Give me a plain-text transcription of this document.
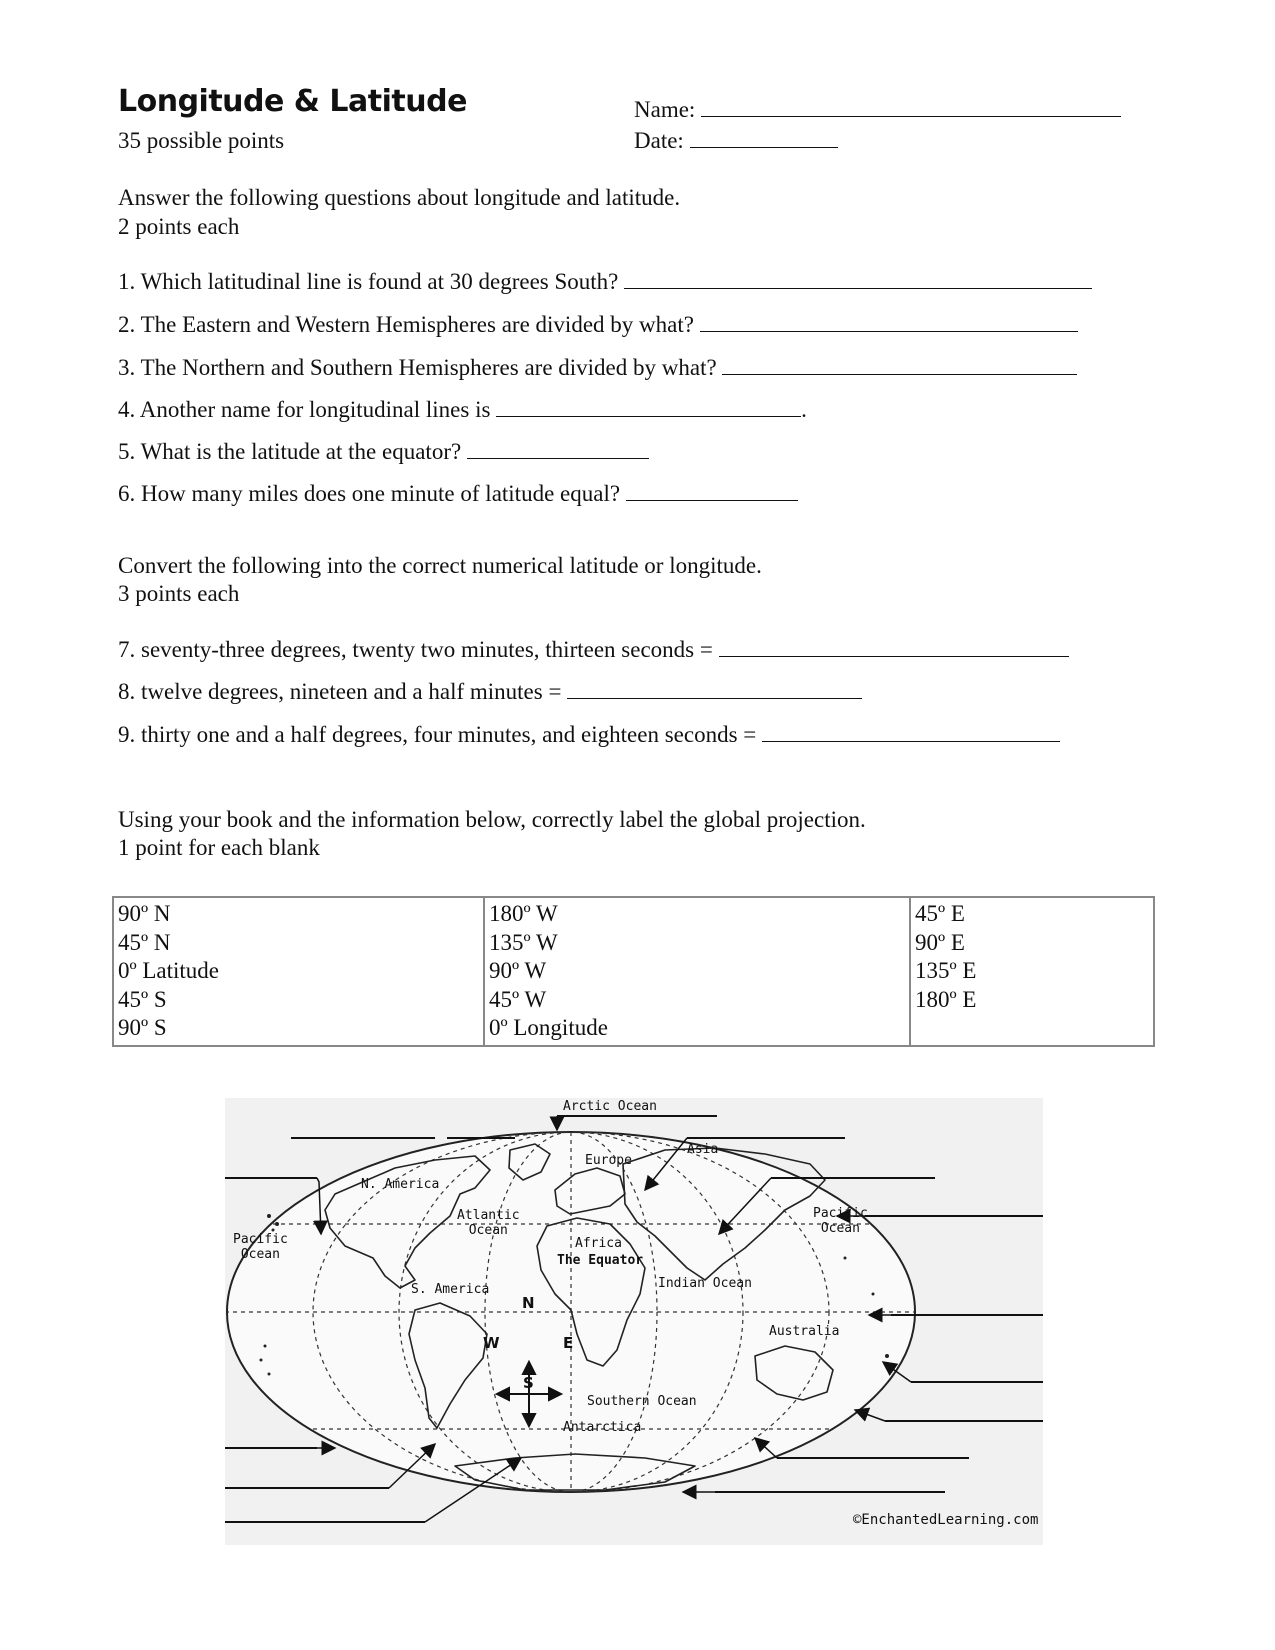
Longitude & Latitude
35 possible points
Name:
Date:
Answer the following questions about longitude and latitude.
2 points each
1. Which latitudinal line is found at 30 degrees South?
2. The Eastern and Western Hemispheres are divided by what?
3. The Northern and Southern Hemispheres are divided by what?
4. Another name for longitudinal lines is	.
5. What is the latitude at the equator?
6. How many miles does one minute of latitude equal?
Convert the following into the correct numerical latitude or longitude.
3 points each
7. seventy-three degrees, twenty two minutes, thirteen seconds =
8. twelve degrees, nineteen and a half minutes =
9. thirty one and a half degrees, four minutes, and eighteen seconds =
Using your book and the information below, correctly label the global projection.
1 point for each blank
90º N
45º N
0º Latitude
45º S
90º S

180º W
135º W
90º W
45º W
0º Longitude

45º E
90º E
135º E
180º E
Arctic Ocean
Europe
Asia
N. America
Atlantic
Ocean
Africa
The Equator
Pacific
Ocean
Pacific
Ocean
S. America	Indian Ocean
Australia
Southern Ocean
Antarctica
N
S
W	E
©EnchantedLearning.com
